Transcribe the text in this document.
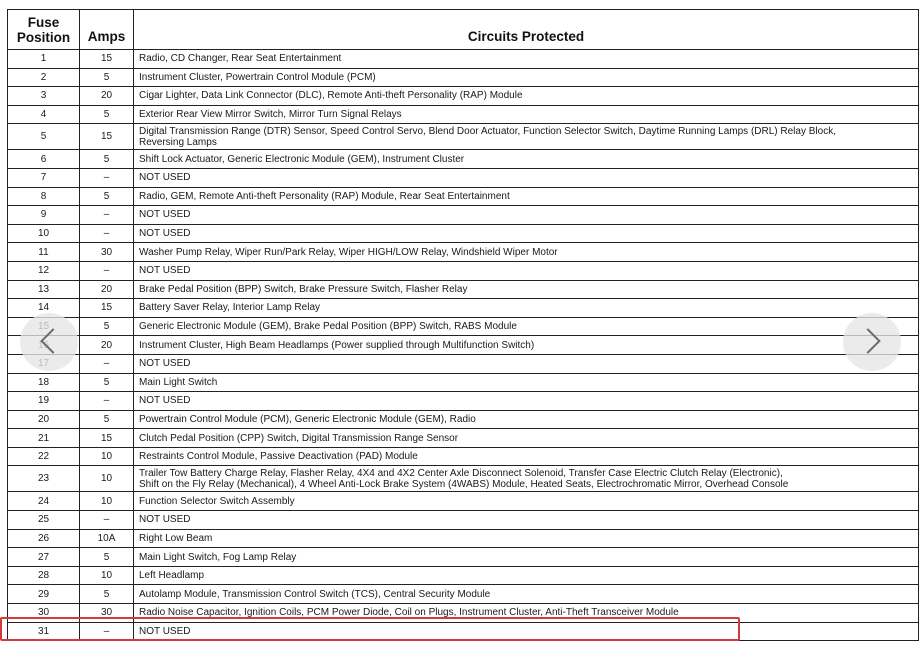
Fuse
Position	Amps	Circuits Protected
1	15	Radio, CD Changer, Rear Seat Entertainment
2	5	Instrument Cluster, Powertrain Control Module (PCM)
3	20	Cigar Lighter, Data Link Connector (DLC), Remote Anti-theft Personality (RAP) Module
4	5	Exterior Rear View Mirror Switch, Mirror Turn Signal Relays
5	15	Digital Transmission Range (DTR) Sensor, Speed Control Servo, Blend Door Actuator, Function Selector Switch, Daytime Running Lamps (DRL) Relay Block,
Reversing Lamps
6	5	Shift Lock Actuator, Generic Electronic Module (GEM), Instrument Cluster
7	–	NOT USED
8	5	Radio, GEM, Remote Anti-theft Personality (RAP) Module, Rear Seat Entertainment
9	–	NOT USED
10	–	NOT USED
11	30	Washer Pump Relay, Wiper Run/Park Relay, Wiper HIGH/LOW Relay, Windshield Wiper Motor
12	–	NOT USED
13	20	Brake Pedal Position (BPP) Switch, Brake Pressure Switch, Flasher Relay
14	15	Battery Saver Relay, Interior Lamp Relay
	5	Generic Electronic Module (GEM), Brake Pedal Position (BPP) Switch, RABS Module
	20	Instrument Cluster, High Beam Headlamps (Power supplied through Multifunction Switch)
	–	NOT USED
18	5	Main Light Switch
19	–	NOT USED
20	5	Powertrain Control Module (PCM), Generic Electronic Module (GEM), Radio
21	15	Clutch Pedal Position (CPP) Switch, Digital Transmission Range Sensor
22	10	Restraints Control Module, Passive Deactivation (PAD) Module
23	10	Trailer Tow Battery Charge Relay, Flasher Relay, 4X4 and 4X2 Center Axle Disconnect Solenoid, Transfer Case Electric Clutch Relay (Electronic),
Shift on the Fly Relay (Mechanical), 4 Wheel Anti-Lock Brake System (4WABS) Module, Heated Seats, Electrochromatic Mirror, Overhead Console
24	10	Function Selector Switch Assembly
25	–	NOT USED
26	10A	Right Low Beam
27	5	Main Light Switch, Fog Lamp Relay
28	10	Left Headlamp
29	5	Autolamp Module, Transmission Control Switch (TCS), Central Security Module
30	30	Radio Noise Capacitor, Ignition Coils, PCM Power Diode, Coil on Plugs, Instrument Cluster, Anti-Theft Transceiver Module
31	–	NOT USED
